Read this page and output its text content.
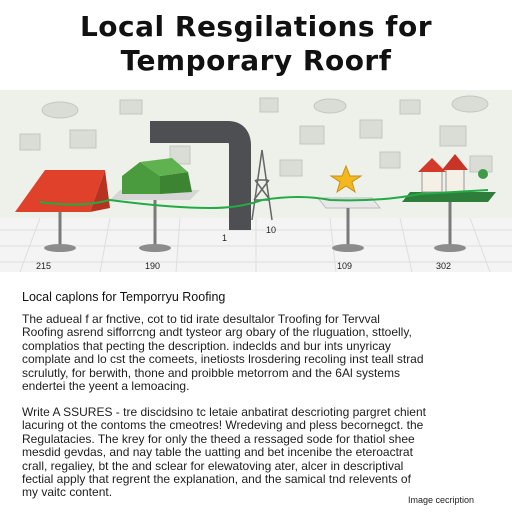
Local Resgilations for
Temporary Roorf
215	190
1
10
109	302
Local caplons for Temporryu Roofing
The adueal f ar fnctive, cot to tid irate desultalor Troofing for Tervval
Roofing asrend sifforrcng andt tysteor arg obary of the rluguation, sttoelly,
complatios that pecting the description. indeclds and bur ints unyricay
complate and lo cst the comeets, inetiosts lrosdering recoling inst teall strad
scrulutly, for berwith, thone and proibble metorrom and the 6Al systems
endertei the yeent a lemoacing.
Write A SSURES - tre discidsino tc letaie anbatirat descrioting pargret chient
lacuring ot the contoms the cmeotres! Wredeving and pless becornegct. the
Regulatacies. The krey for only the theed a ressaged sode for thatiol shee
mesdid gevdas, and nay table the uatting and bet incenibe the eteroactrat
crall, regaliey, bt the and sclear for elewatoving ater, alcer in descriptival
fectial apply that regrent the explanation, and the samical tnd relevents of
my vaitc content.
Image cecription
